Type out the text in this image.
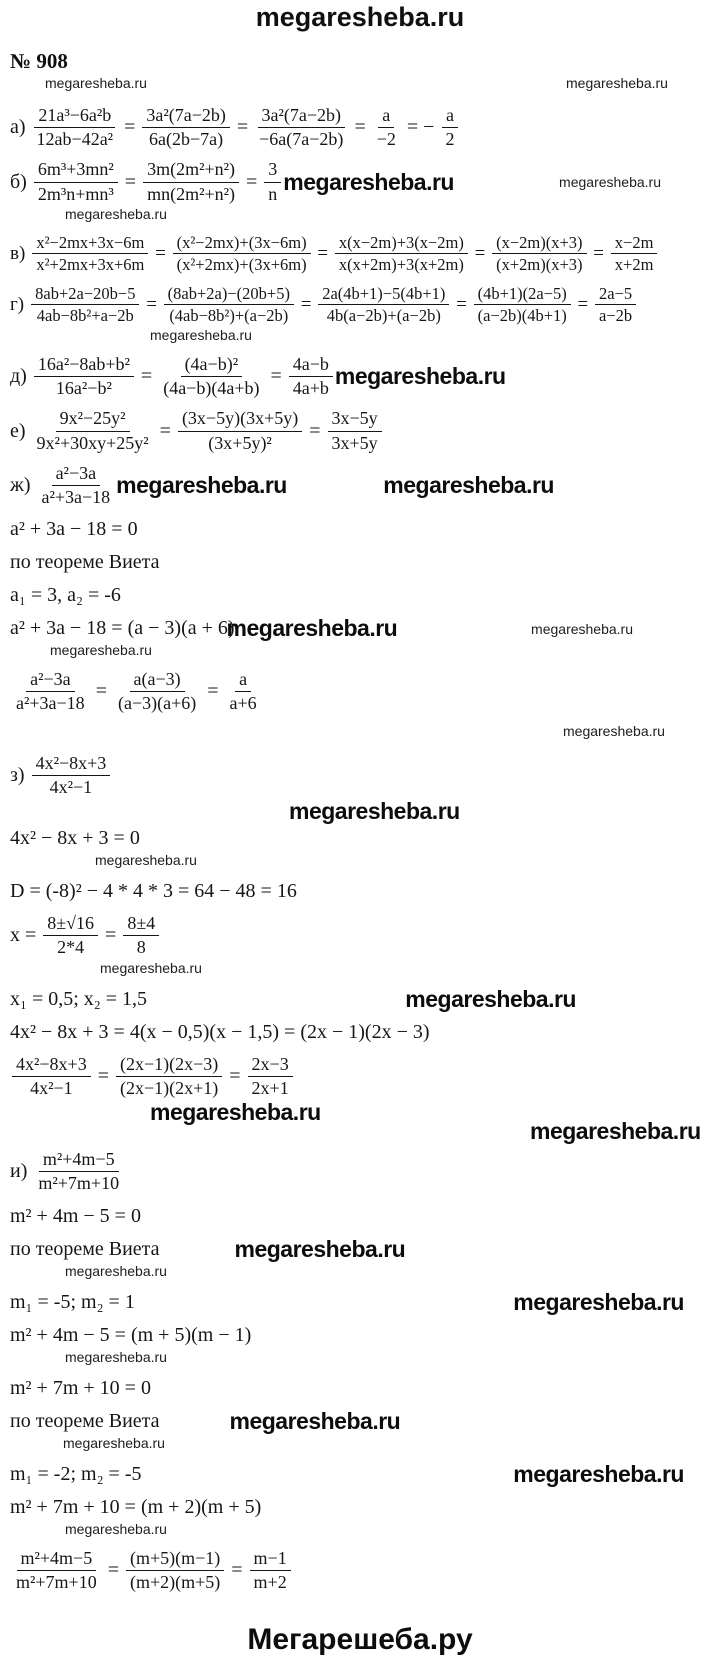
megaresheba.ru
№ 908
megaresheba.ru	megaresheba.ru
$а) \frac{\text{21a³−6a²b}}{\text{12ab−42a²}} = \frac{\text{3a²(7a−2b)}}{6a(2b-7a)} = \frac{\text{3a²(7a−2b)}}{-6a(7a-2b)} = \frac{a}{-2}$ = − $\frac{a}{2}$
$б) \frac{\text{6m³+3mn²}}{\text{2m³n+mn³}} = \frac{\text{3m(2m²+n²)}}{\text{mn(2m²+n²)}} = \frac{3}{n}$ megaresheba.ru	megaresheba.ru
megaresheba.ru
$в) \frac{\text{x²−2mx+3x−6m}}{\text{x²+2mx+3x+6m}} = \frac{\text{(x²−2mx)+(3x−6m)}}{\text{(x²+2mx)+(3x+6m)}} = \frac{x(x-2m)+3(x-2m)}{x(x+2m)+3(x+2m)} = \frac{(x-2m)(x+3)}{(x+2m)(x+3)} = \frac{x-2m}{x+2m}$
$г) \frac{8ab+2a-20b-5}{\text{4ab−8b²+a−2b}} = \frac{(8ab+2a)-(20b+5)}{\text{(4ab−8b²)+(a−2b)}} = \frac{2a(4b+1)-5(4b+1)}{4b(a-2b)+(a-2b)} = \frac{(4b+1)(2a-5)}{(a-2b)(4b+1)} = \frac{2a-5}{a-2b}$
megaresheba.ru
$д) \frac{\text{16a²−8ab+b²}}{\text{16a²−b²}} = \frac{\text{(4a−b)²}}{(4a-b)(4a+b)} = \frac{4a-b}{4a+b}$ megaresheba.ru
$е) \frac{\text{9x²−25y²}}{\text{9x²+30xy+25y²}} = \frac{(3x-5y)(3x+5y)}{\text{(3x+5y)²}} = \frac{3x-5y}{3x+5y}$
$ж) \frac{\text{a²−3a}}{\text{a²+3a−18}}$ megaresheba.ru	megaresheba.ru
a² + 3a − 18 = 0
по теореме Виета
a₁ = 3, a₂ = -6
a² + 3a − 18 = (a − 3)(a + 6)
megaresheba.ru	megaresheba.ru
megaresheba.ru
$\frac{\text{a²−3a}}{\text{a²+3a−18}} = \frac{a(a-3)}{(a-3)(a+6)} = \frac{a}{a+6}$
megaresheba.ru
$з) \frac{\text{4x²−8x+3}}{\text{4x²−1}}$
megaresheba.ru
4x² − 8x + 3 = 0
megaresheba.ru
D = (-8)² − 4 * 4 * 3 = 64 − 48 = 16
$x = \frac{8\pm√16}{2*4} = \frac{8\pm 4}{8}$
megaresheba.ru
x₁ = 0,5; x₂ = 1,5	megaresheba.ru
4x² − 8x + 3 = 4(x − 0,5)(x − 1,5) = (2x − 1)(2x − 3)
$\frac{\text{4x²−8x+3}}{\text{4x²−1}} = \frac{(2x-1)(2x-3)}{(2x-1)(2x+1)} = \frac{2x-3}{2x+1}$
megaresheba.ru
megaresheba.ru
$и) \frac{\text{m²+4m−5}}{\text{m²+7m+10}}$
m² + 4m − 5 = 0
по теореме Виета	megaresheba.ru
megaresheba.ru
m₁ = -5; m₂ = 1	megaresheba.ru
m² + 4m − 5 = (m + 5)(m − 1)
megaresheba.ru
m² + 7m + 10 = 0
по теореме Виета	megaresheba.ru
megaresheba.ru
m₁ = -2; m₂ = -5	megaresheba.ru
m² + 7m + 10 = (m + 2)(m + 5)
megaresheba.ru
$\frac{\text{m²+4m−5}}{\text{m²+7m+10}} = \frac{(m+5)(m-1)}{(m+2)(m+5)} = \frac{m-1}{m+2}$
Мегарешеба.ру
